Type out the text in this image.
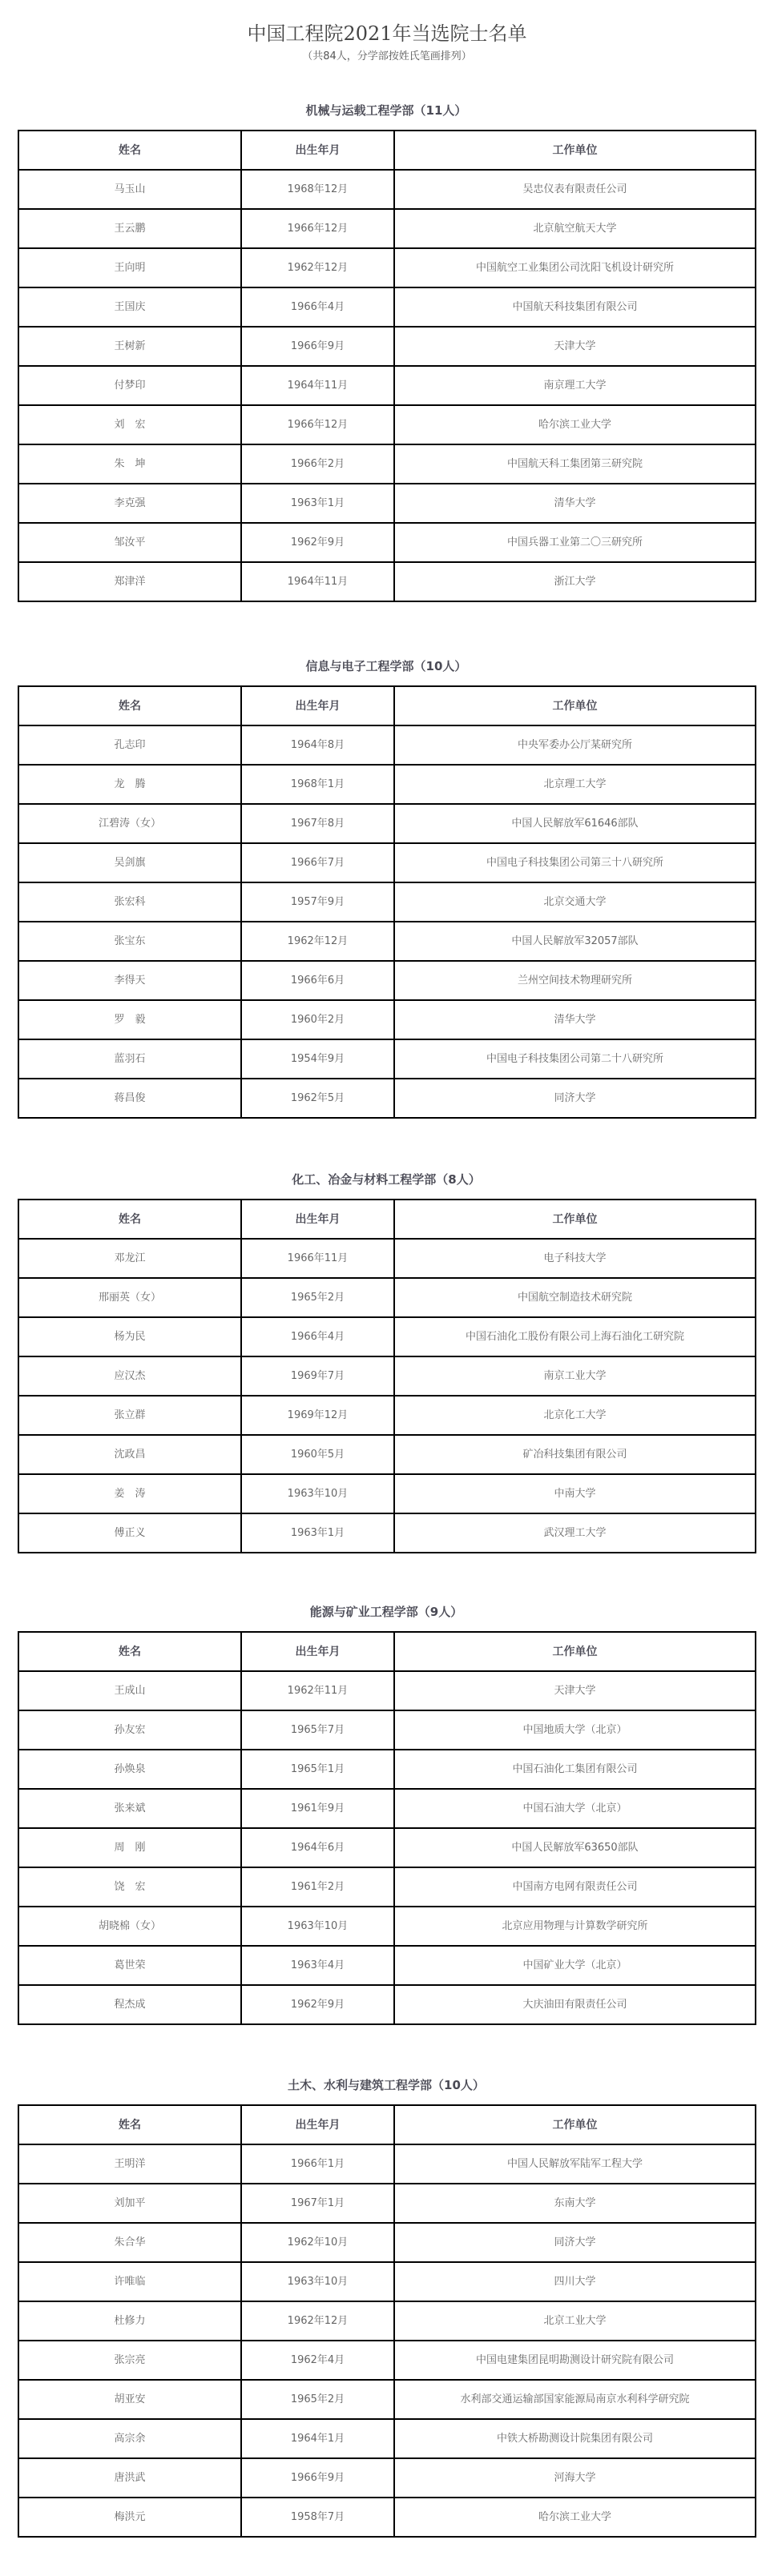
中国工程院2021年当选院士名单
（共84人，分学部按姓氏笔画排列）
机械与运载工程学部（11人）
姓名	出生年月	工作单位
马玉山	1968年12月	吴忠仪表有限责任公司
王云鹏	1966年12月	北京航空航天大学
王向明	1962年12月	中国航空工业集团公司沈阳飞机设计研究所
王国庆	1966年4月	中国航天科技集团有限公司
王树新	1966年9月	天津大学
付梦印	1964年11月	南京理工大学
刘　宏	1966年12月	哈尔滨工业大学
朱　坤	1966年2月	中国航天科工集团第三研究院
李克强	1963年1月	清华大学
邹汝平	1962年9月	中国兵器工业第二〇三研究所
郑津洋	1964年11月	浙江大学
信息与电子工程学部（10人）
姓名	出生年月	工作单位
孔志印	1964年8月	中央军委办公厅某研究所
龙　腾	1968年1月	北京理工大学
江碧涛（女）	1967年8月	中国人民解放军61646部队
吴剑旗	1966年7月	中国电子科技集团公司第三十八研究所
张宏科	1957年9月	北京交通大学
张宝东	1962年12月	中国人民解放军32057部队
李得天	1966年6月	兰州空间技术物理研究所
罗　毅	1960年2月	清华大学
蓝羽石	1954年9月	中国电子科技集团公司第二十八研究所
蒋昌俊	1962年5月	同济大学
化工、冶金与材料工程学部（8人）
姓名	出生年月	工作单位
邓龙江	1966年11月	电子科技大学
邢丽英（女）	1965年2月	中国航空制造技术研究院
杨为民	1966年4月	中国石油化工股份有限公司上海石油化工研究院
应汉杰	1969年7月	南京工业大学
张立群	1969年12月	北京化工大学
沈政昌	1960年5月	矿冶科技集团有限公司
姜　涛	1963年10月	中南大学
傅正义	1963年1月	武汉理工大学
能源与矿业工程学部（9人）
姓名	出生年月	工作单位
王成山	1962年11月	天津大学
孙友宏	1965年7月	中国地质大学（北京）
孙焕泉	1965年1月	中国石油化工集团有限公司
张来斌	1961年9月	中国石油大学（北京）
周　刚	1964年6月	中国人民解放军63650部队
饶　宏	1961年2月	中国南方电网有限责任公司
胡晓棉（女）	1963年10月	北京应用物理与计算数学研究所
葛世荣	1963年4月	中国矿业大学（北京）
程杰成	1962年9月	大庆油田有限责任公司
土木、水利与建筑工程学部（10人）
姓名	出生年月	工作单位
王明洋	1966年1月	中国人民解放军陆军工程大学
刘加平	1967年1月	东南大学
朱合华	1962年10月	同济大学
许唯临	1963年10月	四川大学
杜修力	1962年12月	北京工业大学
张宗亮	1962年4月	中国电建集团昆明勘测设计研究院有限公司
胡亚安	1965年2月	水利部交通运输部国家能源局南京水利科学研究院
高宗余	1964年1月	中铁大桥勘测设计院集团有限公司
唐洪武	1966年9月	河海大学
梅洪元	1958年7月	哈尔滨工业大学
